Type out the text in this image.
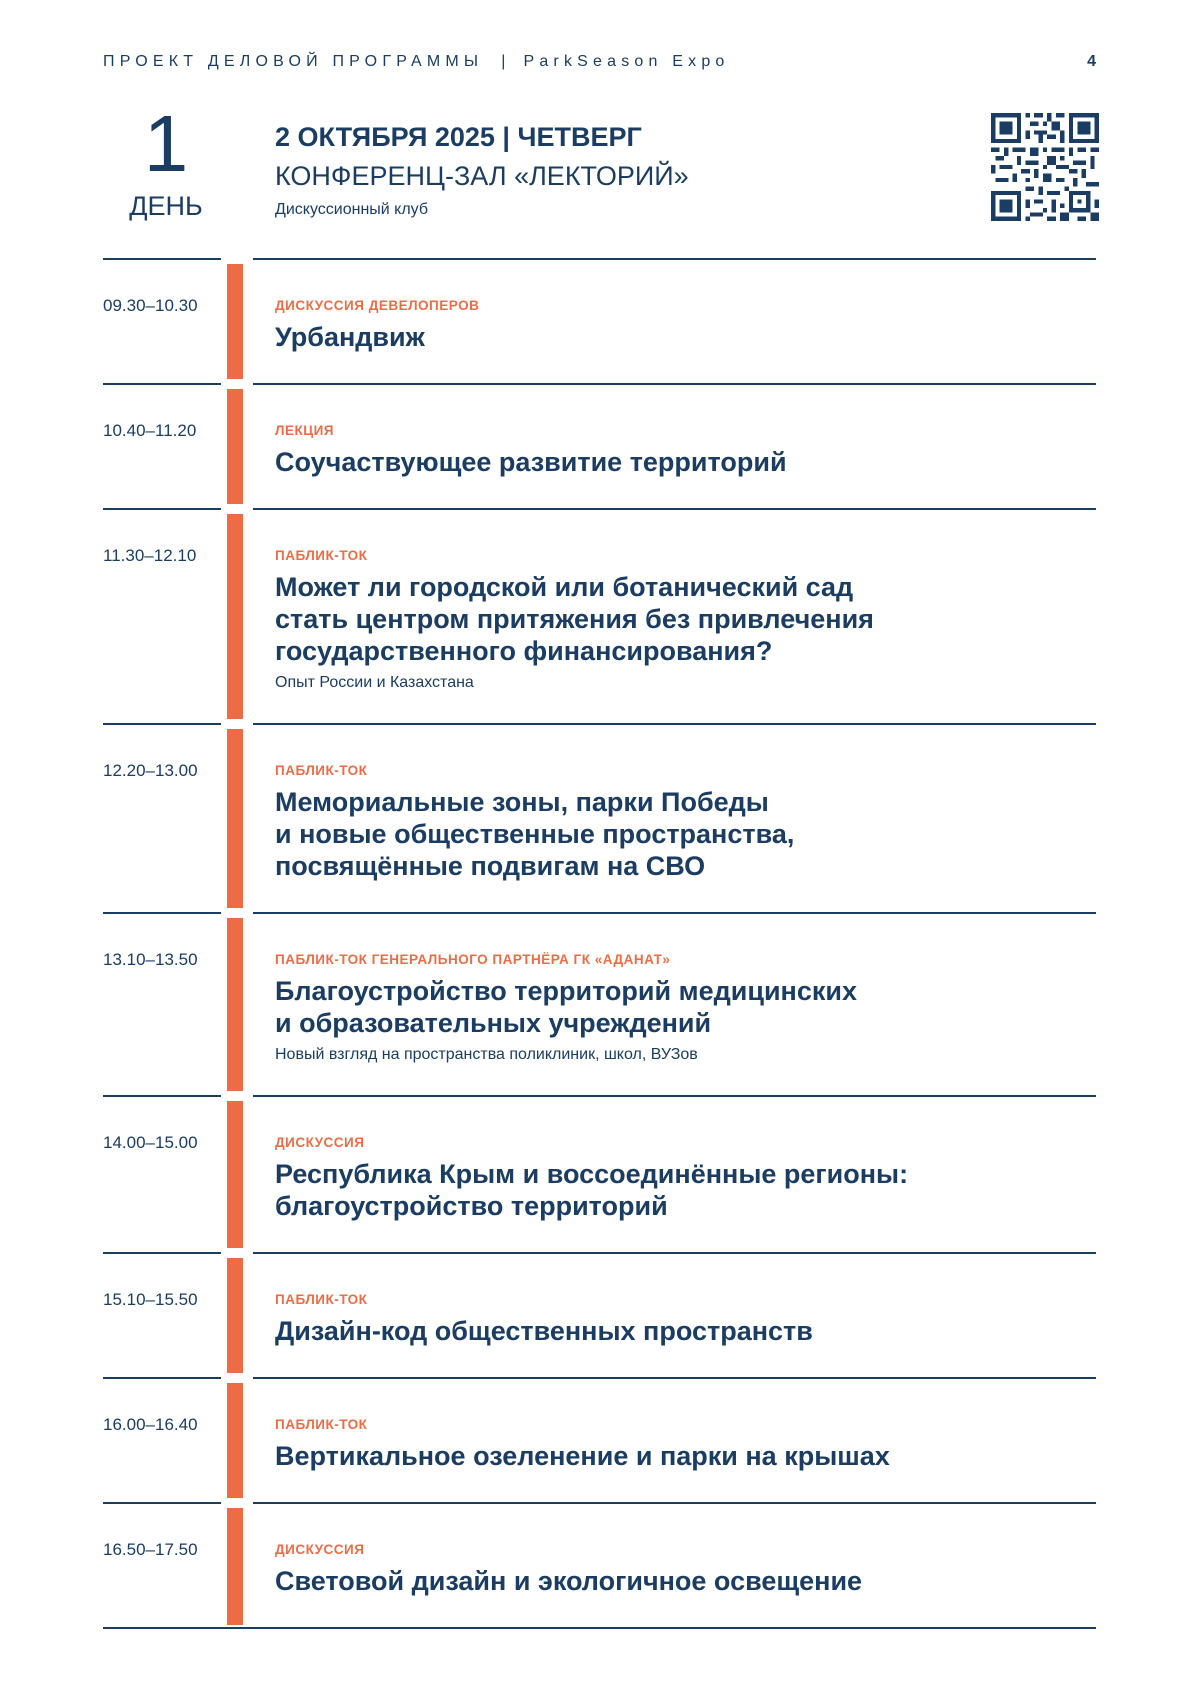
ПРОЕКТ ДЕЛОВОЙ ПРОГРАММЫ | ParkSeason Expo	4
1
ДЕНЬ
2 ОКТЯБРЯ 2025 | ЧЕТВЕРГ
КОНФЕРЕНЦ-ЗАЛ «ЛЕКТОРИЙ»
Дискуссионный клуб
09.30–10.30	ДИСКУССИЯ ДЕВЕЛОПЕРОВ
Урбандвиж
10.40–11.20	ЛЕКЦИЯ
Соучаствующее развитие территорий
11.30–12.10	ПАБЛИК-ТОК
Может ли городской или ботанический сад
стать центром притяжения без привлечения
государственного финансирования?
Опыт России и Казахстана
12.20–13.00	ПАБЛИК-ТОК
Мемориальные зоны, парки Победы
и новые общественные пространства,
посвящённые подвигам на СВО
13.10–13.50	ПАБЛИК-ТОК ГЕНЕРАЛЬНОГО ПАРТНЁРА ГК «АДАНАТ»
Благоустройство территорий медицинских
и образовательных учреждений
Новый взгляд на пространства поликлиник, школ, ВУЗов
14.00–15.00	ДИСКУССИЯ
Республика Крым и воссоединённые регионы:
благоустройство территорий
15.10–15.50	ПАБЛИК-ТОК
Дизайн-код общественных пространств
16.00–16.40	ПАБЛИК-ТОК
Вертикальное озеленение и парки на крышах
16.50–17.50	ДИСКУССИЯ
Световой дизайн и экологичное освещение
